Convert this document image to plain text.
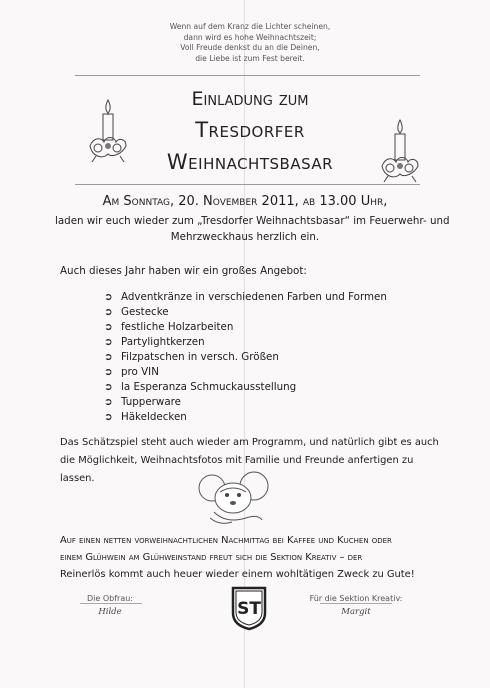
Wenn auf dem Kranz die Lichter scheinen,
dann wird es hohe Weihnachtszeit;
Voll Freude denkst du an die Deinen,
die Liebe ist zum Fest bereit.
Einladung zum
Tresdorfer
Weihnachtsbasar
Am Sonntag, 20. November 2011, ab 13.00 Uhr,
laden wir euch wieder zum „Tresdorfer Weihnachtsbasar“ im Feuerwehr- und
Mehrzweckhaus herzlich ein.
Auch dieses Jahr haben wir ein großes Angebot:
➲ Adventkränze in verschiedenen Farben und Formen
➲ Gestecke
➲ festliche Holzarbeiten
➲ Partylightkerzen
➲ Filzpatschen in versch. Größen
➲ pro VIN
➲ la Esperanza Schmuckausstellung
➲ Tupperware
➲ Häkeldecken
Das Schätzspiel steht auch wieder am Programm, und natürlich gibt es auch
die Möglichkeit, Weihnachtsfotos mit Familie und Freunde anfertigen zu
lassen.
Auf einen netten vorweihnachtlichen Nachmittag bei Kaffee und Kuchen oder
einem Glühwein am Glühweinstand freut sich die Sektion Kreativ – der
Reinerlös kommt auch heuer wieder einem wohltätigen Zweck zu Gute!
Die Obfrau:
Hilde	ST
Für die Sektion Kreativ:
Margit
